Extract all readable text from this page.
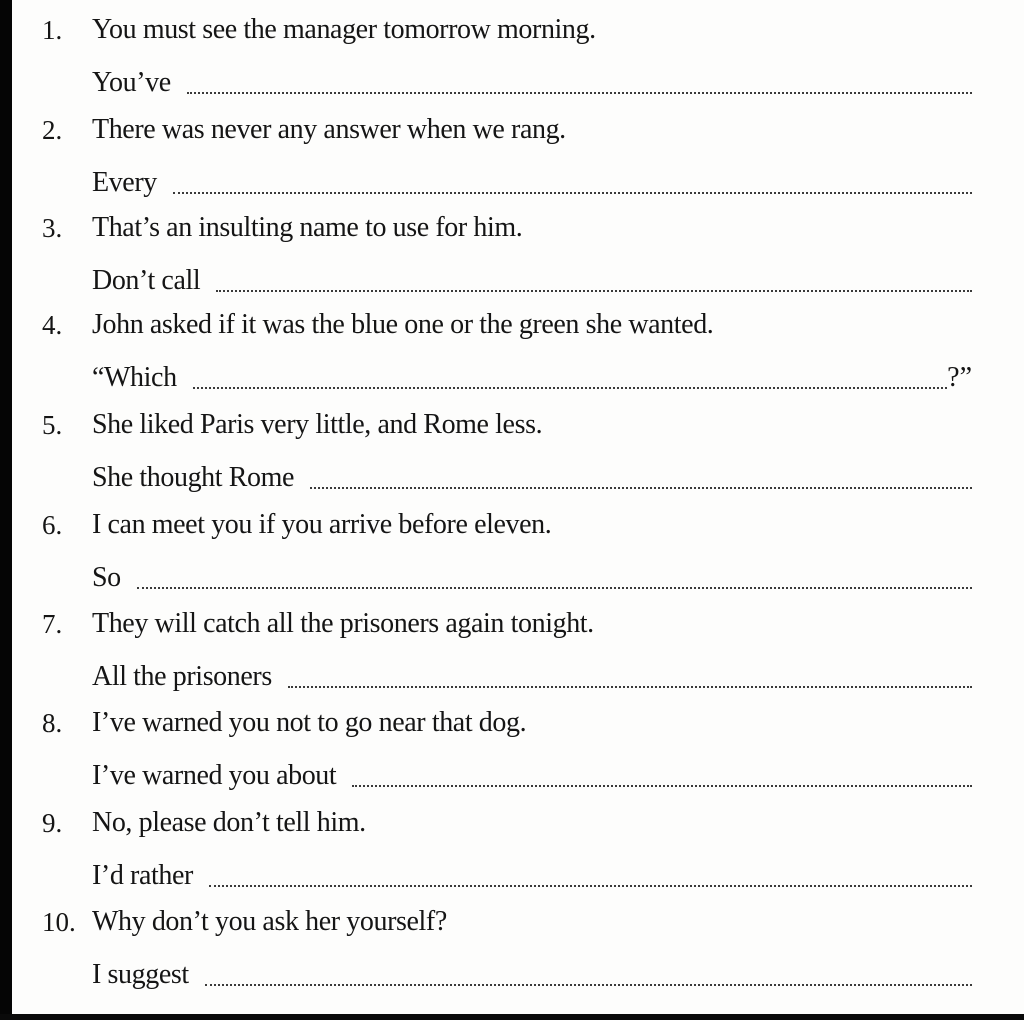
1.	You must see the manager tomorrow morning.
You’ve
2.	There was never any answer when we rang.
Every
3.	That’s an insulting name to use for him.
Don’t call
4.	John asked if it was the blue one or the green she wanted.
“Which	?”
5.	She liked Paris very little, and Rome less.
She thought Rome
6.	I can meet you if you arrive before eleven.
So
7.	They will catch all the prisoners again tonight.
All the prisoners
8.	I’ve warned you not to go near that dog.
I’ve warned you about
9.	No, please don’t tell him.
I’d rather
10. Why don’t you ask her yourself?
I suggest
